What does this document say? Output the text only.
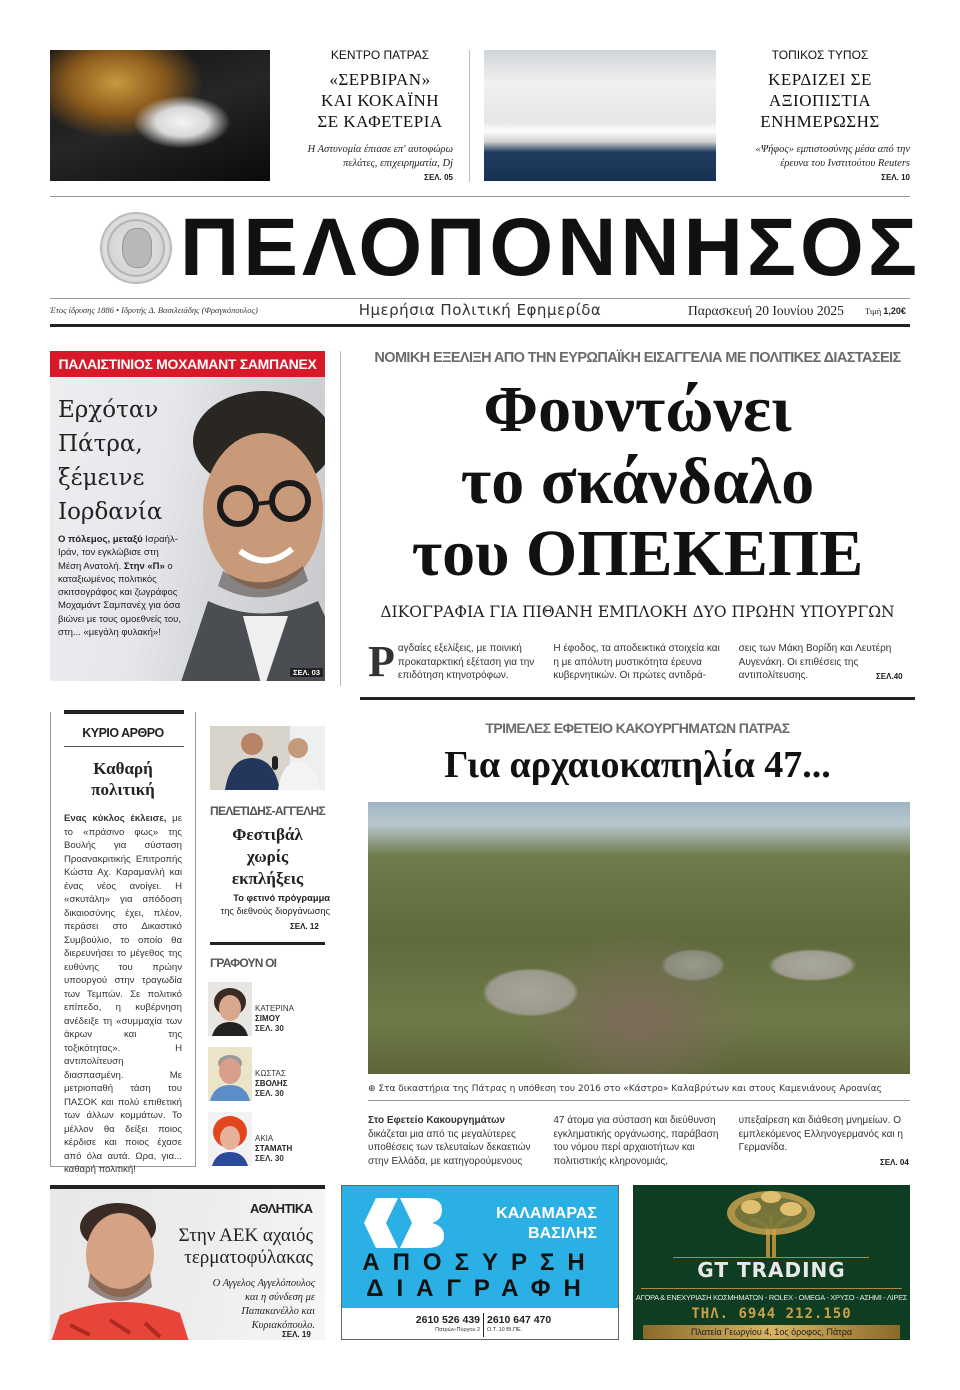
ΚΕΝΤΡΟ ΠΑΤΡΑΣ
«ΣΕΡΒΙΡΑΝ»
ΚΑΙ ΚΟΚΑΪΝΗ
ΣΕ ΚΑΦΕΤΕΡΙΑ
Η Αστυνομία έπιασε επ' αυτοφώρω
πελάτες, επιχειρηματία, Dj
ΣΕΛ. 05
ΤΟΠΙΚΟΣ ΤΥΠΟΣ
ΚΕΡΔΙΖΕΙ ΣΕ
ΑΞΙΟΠΙΣΤΙΑ
ΕΝΗΜΕΡΩΣΗΣ
«Ψήφος» εμπιστοσύνης μέσα από την
έρευνα του Ινστιτούτου Reuters
ΣΕΛ. 10
ΠΕΛΟΠΟΝΝΗΣΟΣ
Έτος ίδρυσης 1886 • Ιδρυτής Δ. Βασιλειάδης (Φραγκόπουλος)	Ημερήσια Πολιτική Εφημερίδα	Παρασκευή 20 Ιουνίου 2025 Τιμή 1,20€
ΠΑΛΑΙΣΤΙΝΙΟΣ ΜΟΧΑΜΑΝΤ ΣΑΜΠΑΝΕΧ
Ερχόταν
Πάτρα,
ξέμεινε
Ιορδανία
Ο πόλεμος, μεταξύ Ισραήλ-Ιράν, τον εγκλώβισε στη Μέση Ανατολή. Στην «Π» ο καταξιωμένος πολιτικός σκιτσογράφος και ζωγράφος Μοχαμάντ Σαμπανέχ για όσα βιώνει με τους ομοεθνείς του, στη... «μεγάλη φυλακή»!
ΣΕΛ. 03
ΝΟΜΙΚΗ ΕΞΕΛΙΞΗ ΑΠΟ ΤΗΝ ΕΥΡΩΠΑΪΚΗ ΕΙΣΑΓΓΕΛΙΑ ΜΕ ΠΟΛΙΤΙΚΕΣ ΔΙΑΣΤΑΣΕΙΣ
Φουντώνει
το σκάνδαλο
του ΟΠΕΚΕΠΕ
ΔΙΚΟΓΡΑΦΙΑ ΓΙΑ ΠΙΘΑΝΗ ΕΜΠΛΟΚΗ ΔΥΟ ΠΡΩΗΝ ΥΠΟΥΡΓΩΝ
Ραγδαίες εξελίξεις, με ποινική προκαταρκτική εξέταση για την επιδότηση κτηνοτρόφων.
Η έφοδος, τα αποδεικτικά στοιχεία και η με απόλυτη μυστικότητα έρευνα κυβερνητικών. Οι πρώτες αντιδρά-
σεις των Μάκη Βορίδη και Λευτέρη Αυγενάκη. Οι επιθέσεις της αντιπολίτευσης.	ΣΕΛ.40
ΤΡΙΜΕΛΕΣ ΕΦΕΤΕΙΟ ΚΑΚΟΥΡΓΗΜΑΤΩΝ ΠΑΤΡΑΣ
Για αρχαιοκαπηλία 47...
⊕ Στα δικαστήρια της Πάτρας η υπόθεση του 2016 στο «Κάστρο» Καλαβρύτων και στους Καμενιάνους Αροανίας
Στο Εφετείο Κακουργημάτων δικάζεται μια από τις μεγαλύτερες υποθέσεις των τελευταίων δεκαετιών στην Ελλάδα, με κατηγορούμενους
47 άτομα για σύσταση και διεύθυνση εγκληματικής οργάνωσης, παράβαση του νόμου περί αρχαιοτήτων και πολιτιστικής κληρονομιάς,
υπεξαίρεση και διάθεση μνημείων. Ο εμπλεκόμενος Ελληνογερμανός και η Γερμανίδα.
ΣΕΛ. 04
ΚΥΡΙΟ ΑΡΘΡΟ
Καθαρή
πολιτική
Ενας κύκλος έκλεισε, με το «πράσινο φως» της Βουλής για σύσταση Προανακριτικής Επιτροπής Κώστα Αχ. Καραμανλή και ένας νέος ανοίγει. Η «σκυτάλη» για απόδοση δικαιοσύνης έχει, πλέον, περάσει στο Δικαστικό Συμβούλιο, το οποίο θα διερευνήσει το μέγεθος της ευθύνης του πρώην υπουργού στην τραγωδία των Τεμπών. Σε πολιτικό επίπεδο, η κυβέρνηση ανέδειξε τη «συμμαχία των άκρων και της τοξικότητας». Η αντιπολίτευση διασπασμένη. Με μετριοπαθή τάση του ΠΑΣΟΚ και πολύ επιθετική των άλλων κομμάτων. Το μέλλον θα δείξει ποιος κέρδισε και ποιος έχασε από όλα αυτά. Ωρα, για... καθαρή πολιτική!
ΠΕΛΕΤΙΔΗΣ-ΑΓΓΕΛΗΣ
Φεστιβάλ
χωρίς
εκπλήξεις
Το φετινό πρόγραμμα
της διεθνούς διοργάνωσης
ΣΕΛ. 12
ΓΡΑΦΟΥΝ ΟΙ
ΚΑΤΕΡΙΝΑ
ΣΙΜΟΥ
ΣΕΛ. 30
ΚΩΣΤΑΣ
ΣΒΟΛΗΣ
ΣΕΛ. 30
ΑΚΙΑ
ΣΤΑΜΑΤΗ
ΣΕΛ. 30
ΑΘΛΗΤΙΚΑ
Στην ΑΕΚ αχαιός
τερματοφύλακας
Ο Αγγελος Αγγελόπουλος
και η σύνδεση με
Παπακανέλλο και
Κυριακόπουλο.
ΣΕΛ. 19
ΚΑΛΑΜΑΡΑΣ
ΒΑΣΙΛΗΣ
ΑΠΟΣΥΡΣΗ
ΔΙΑΓΡΑΦΗ
2610 526 439
Πατρών-Πύργου 2
2610 647 470
Ο.Τ. 10 ΒΙ.ΠΕ.
GT TRADING
ΑΓΟΡΑ & ΕΝΕΧΥΡΙΑΣΗ ΚΟΣΜΗΜΑΤΩΝ - ROLEX - OMEGA - ΧΡΥΣΟ - ΑΣΗΜΙ - ΛΙΡΕΣ
ΤΗΛ. 6944 212.150
Πλατεία Γεωργίου 4, 1ος όροφος, Πάτρα
